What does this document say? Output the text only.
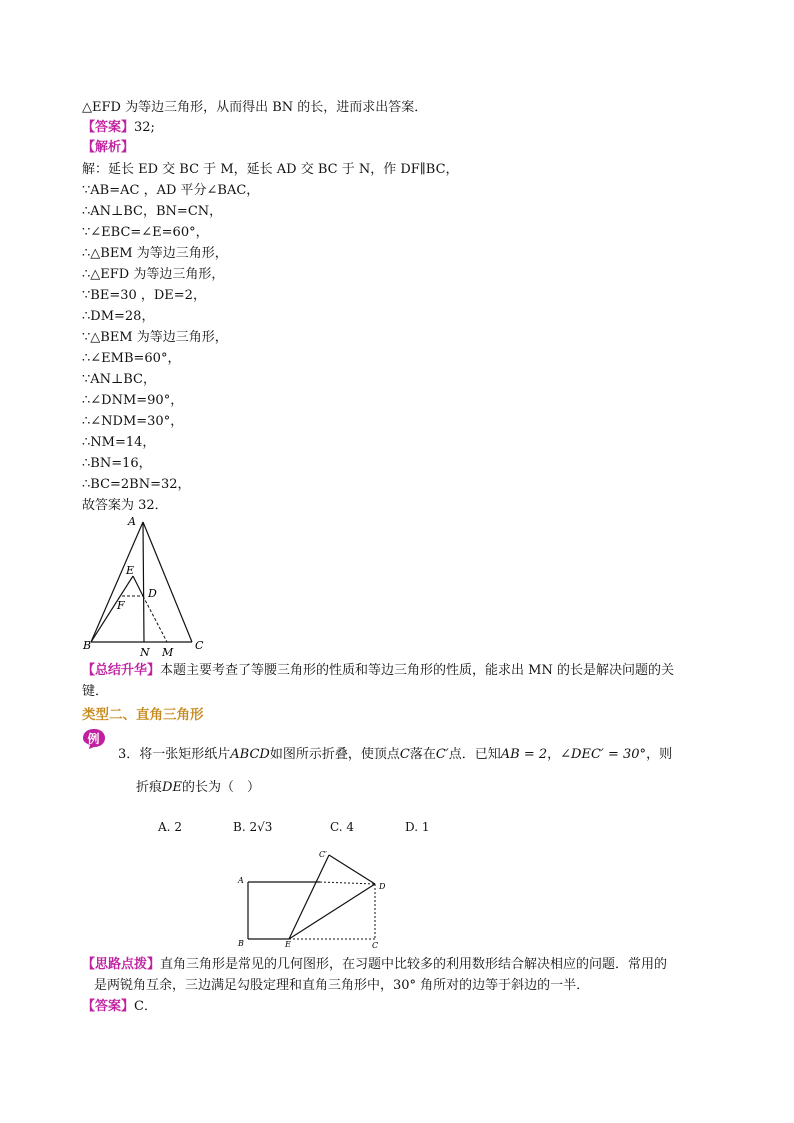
△EFD 为等边三角形，从而得出 BN 的长，进而求出答案．
【答案】32;
【解析】
解：延长 ED 交 BC 于 M，延长 AD 交 BC 于 N，作 DF∥BC，
∵AB=AC ，AD 平分∠BAC，
∴AN⊥BC，BN=CN，
∵∠EBC=∠E=60°，
∴△BEM 为等边三角形，
∴△EFD 为等边三角形，
∵BE=30 ，DE=2，
∴DM=28，
∵△BEM 为等边三角形，
∴∠EMB=60°，
∵AN⊥BC，
∴∠DNM=90°，
∴∠NDM=30°，
∴NM=14，
∴BN=16，
∴BC=2BN=32，
故答案为 32．
A
E
D
F
B
N M
C
【总结升华】本题主要考查了等腰三角形的性质和等边三角形的性质，能求出 MN 的长是解决问题的关
键．
类型二、直角三角形
例
3．将一张矩形纸片ABCD如图所示折叠，使顶点C落在C′点．已知AB = 2，∠DEC′ = 30°，则
折痕DE的长为（　）
A. 2	B. 2√3	C. 4	D. 1
C′
A
D
B	E	C
【思路点拨】直角三角形是常见的几何图形，在习题中比较多的利用数形结合解决相应的问题．常用的
是两锐角互余，三边满足勾股定理和直角三角形中，30° 角所对的边等于斜边的一半．
【答案】C．
